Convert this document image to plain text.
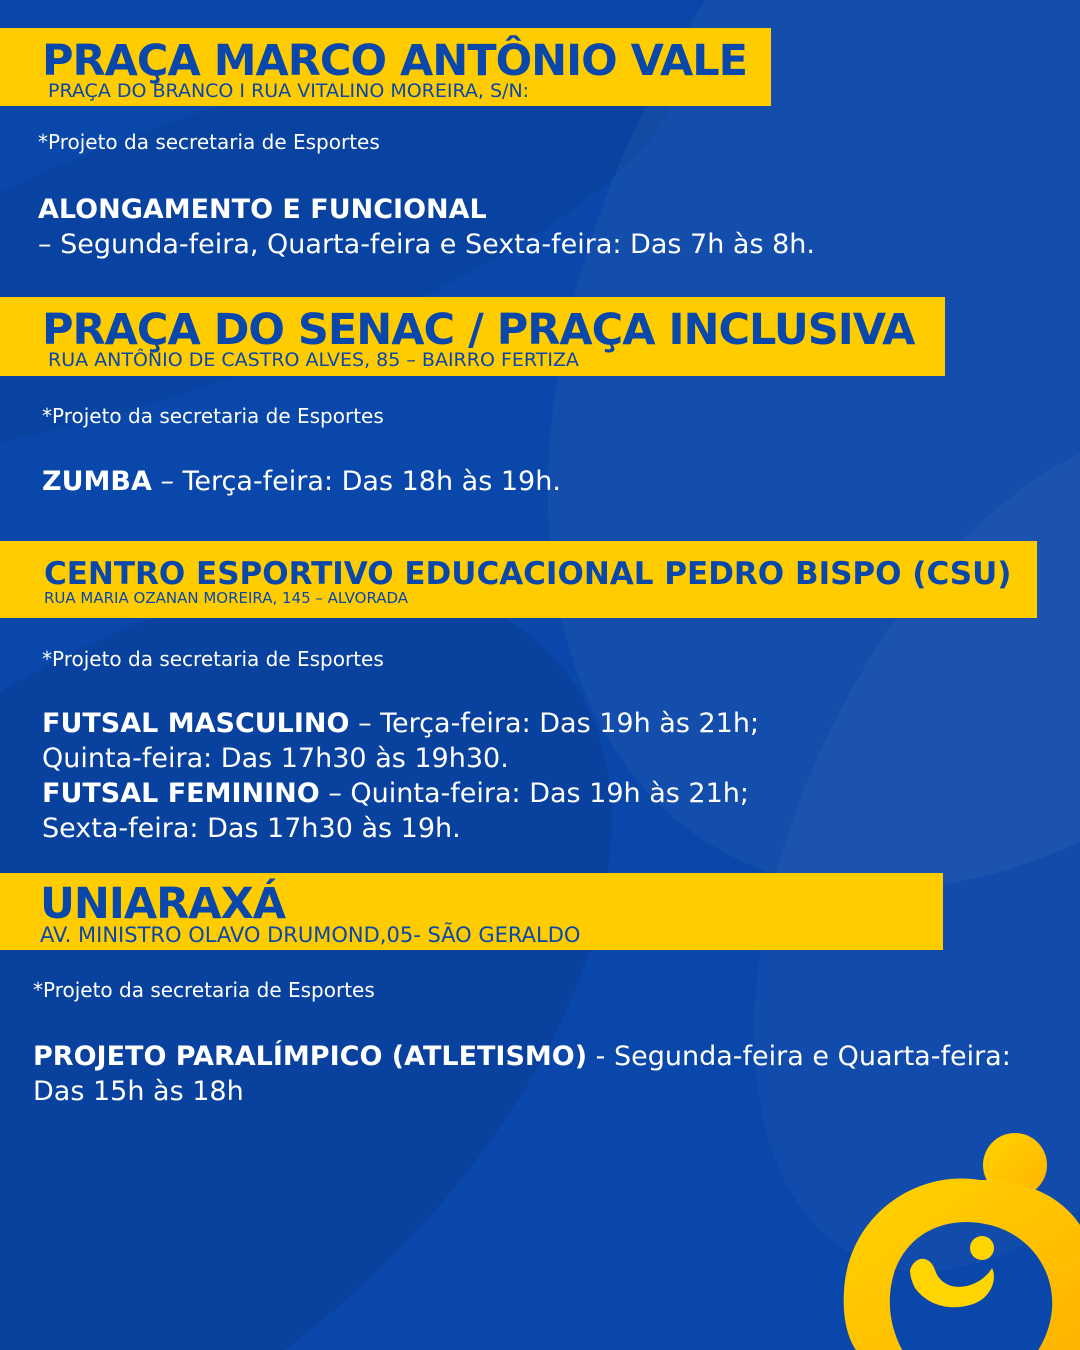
PRAÇA MARCO ANTÔNIO VALE

PRAÇA DO BRANCO I RUA VITALINO MOREIRA, S/N:

*Projeto da secretaria de Esportes

ALONGAMENTO E FUNCIONAL
– Segunda-feira, Quarta-feira e Sexta-feira: Das 7h às 8h.

PRAÇA DO SENAC / PRAÇA INCLUSIVA

RUA ANTÔNIO DE CASTRO ALVES, 85 – BAIRRO FERTIZA

*Projeto da secretaria de Esportes

ZUMBA – Terça-feira: Das 18h às 19h.

CENTRO ESPORTIVO EDUCACIONAL PEDRO BISPO (CSU)

RUA MARIA OZANAN MOREIRA, 145 – ALVORADA

*Projeto da secretaria de Esportes

FUTSAL MASCULINO – Terça-feira: Das 19h às 21h;
Quinta-feira: Das 17h30 às 19h30.
FUTSAL FEMININO – Quinta-feira: Das 19h às 21h;
Sexta-feira: Das 17h30 às 19h.

UNIARAXÁ

AV. MINISTRO OLAVO DRUMOND,05- SÃO GERALDO

*Projeto da secretaria de Esportes

PROJETO PARALÍMPICO (ATLETISMO) - Segunda-feira e Quarta-feira: Das 15h às 18h
